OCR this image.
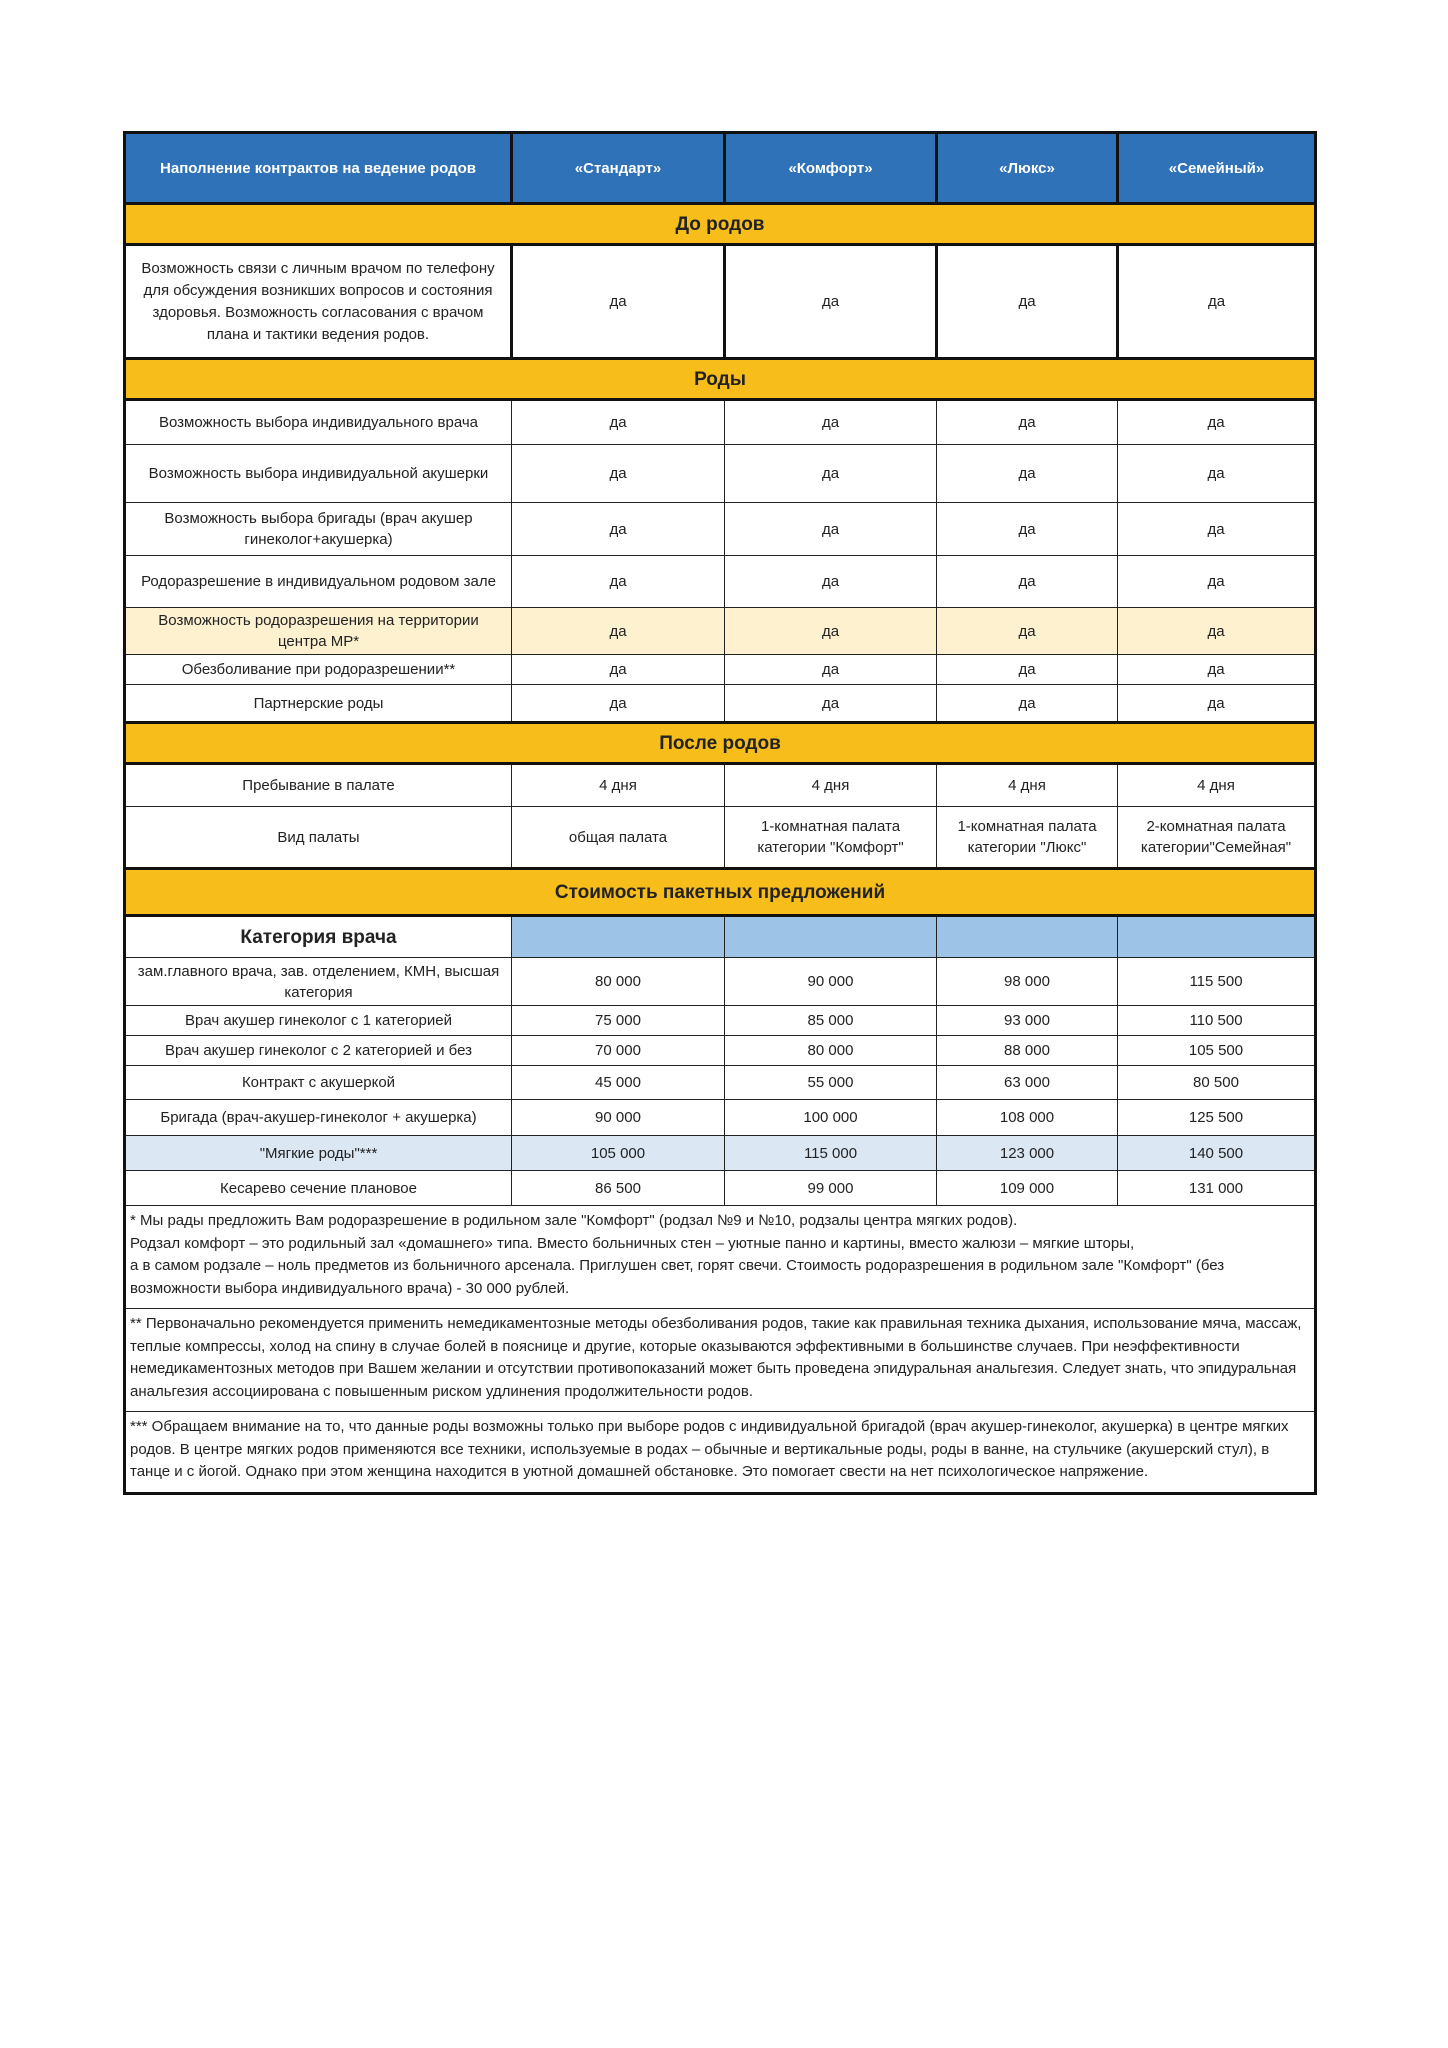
Наполнение контрактов на ведение родов	«Стандарт»	«Комфорт»	«Люкс»	«Семейный»
До родов				
Возможность связи с личным врачом по телефону для обсуждения возникших вопросов и состояния здоровья. Возможность согласования с врачом плана и тактики ведения родов.	да	да	да	да
Роды				
Возможность выбора индивидуального врача	да	да	да	да
Возможность выбора индивидуальной акушерки	да	да	да	да
Возможность выбора бригады (врач акушер гинеколог+акушерка)	да	да	да	да
Родоразрешение в индивидуальном родовом зале	да	да	да	да
Возможность родоразрешения на территории центра МР*	да	да	да	да
Обезболивание при родоразрешении**	да	да	да	да
Партнерские роды	да	да	да	да
После родов				
Пребывание в палате	4 дня	4 дня	4 дня	4 дня
Вид палаты	общая палата	1-комнатная палата категории "Комфорт"	1-комнатная палата категории "Люкс"	2-комнатная палата категории"Семейная"
Стоимость пакетных предложений				
Категория врача				
зам.главного врача, зав. отделением, КМН, высшая категория	80 000	90 000	98 000	115 500
Врач акушер гинеколог с 1 категорией	75 000	85 000	93 000	110 500
Врач акушер гинеколог с 2 категорией и без	70 000	80 000	88 000	105 500
Контракт с акушеркой	45 000	55 000	63 000	80 500
Бригада (врач-акушер-гинеколог + акушерка)	90 000	100 000	108 000	125 500
"Мягкие роды"***	105 000	115 000	123 000	140 500
Кесарево сечение плановое	86 500	99 000	109 000	131 000

* Мы рады предложить Вам родоразрешение в родильном зале "Комфорт" (родзал №9 и №10, родзалы центра мягких родов).
Родзал комфорт – это родильный зал «домашнего» типа. Вместо больничных стен – уютные панно и картины, вместо жалюзи – мягкие шторы,
а в самом родзале – ноль предметов из больничного арсенала. Приглушен свет, горят свечи. Стоимость родоразрешения в родильном зале "Комфорт" (без возможности выбора индивидуального врача) - 30 000 рублей.				

** Первоначально рекомендуется применить немедикаментозные методы обезболивания родов, такие как правильная техника дыхания, использование мяча, массаж, теплые компрессы, холод на спину в случае болей в пояснице и другие, которые оказываются эффективными в большинстве случаев. При неэффективности немедикаментозных методов при Вашем желании и отсутствии противопоказаний может быть проведена эпидуральная анальгезия. Следует знать, что эпидуральная анальгезия ассоциирована с повышенным риском удлинения продолжительности родов.				

*** Обращаем внимание на то, что данные роды возможны только при выборе родов с индивидуальной бригадой (врач акушер-гинеколог, акушерка) в центре мягких родов. В центре мягких родов применяются все техники, используемые в родах – обычные и вертикальные роды, роды в ванне, на стульчике (акушерский стул), в танце и с йогой. Однако при этом женщина находится в уютной домашней обстановке. Это помогает свести на нет психологическое напряжение.				
